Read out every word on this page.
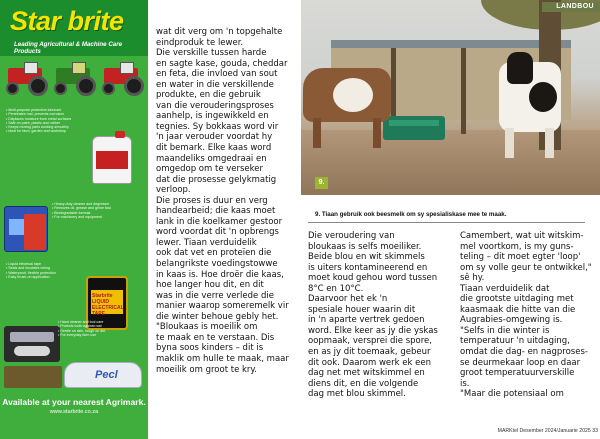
Star brite
Leading Agricultural & Machine Care Products
• Multi-purpose protective lubricant
• Penetrates rust, prevents corrosion
• Displaces moisture from metal surfaces
• Safe on paint, plastic and rubber
• Keeps moving parts working smoothly
• Ideal for farm, garden and workshop
• Heavy-duty cleaner and degreaser
• Removes oil, grease and grime fast
• Biodegradable formula
• For machinery and equipment
• Liquid electrical tape
• Seals and insulates wiring
• Waterproof, flexible protection
• Easy brush-on application
Starbrite LIQUID ELECTRICAL TAPE
• Hand cleaner and tool care
• Protects tools against rust
• Gentle on skin, tough on dirt
• For everyday farm use
Pecl
Available at your nearest Agrimark.
www.starbrite.co.za
wat dit verg om 'n topgehalte
eindproduk te lewer.
Die verskille tussen harde
en sagte kase, gouda, cheddar
en feta, die invloed van sout
en water in die verskillende
produkte, en die gebruik
van die verouderingsproses
aanhelp, is ingewikkeld en
tegnies. Sy bokkaas word vir
'n jaar verouder voordat hy
dit bemark. Elke kaas word
maandeliks omgedraai en
omgedop om te verseker
dat die prosesse gelykmatig
verloop.
Die proses is duur en verg
handearbeid; die kaas moet
lank in die koelkamer gestoor
word voordat dit 'n opbrengs
lewer. Tiaan verduidelik
ook dat vet en proteïen die
belangrikste voedingstowwe
in kaas is. Hoe droër die kaas,
hoe langer hou dit, en dit
was in die verre verlede die
manier waarop someremelk vir
die winter behoue gebly het.
"Bloukaas is moeilik om
te maak en te verstaan. Dis
byna soos kinders – dit is
maklik om hulle te maak, maar
moeilik om groot te kry.
LANDBOU
9.
9. Tiaan gebruik ook beesmelk om sy spesialiskase mee te maak.
Die veroudering van
bloukaas is selfs moeiliker.
Beide blou en wit skimmels
is uiters kontamineerend en
moet koud gehou word tussen
8°C en 10°C.
Daarvoor het ek 'n
spesiale houer waarin dit
in 'n aparte vertrek gedoen
word. Elke keer as jy die yskas
oopmaak, versprei die spore,
en as jy dit toemaak, gebeur
dit ook. Daarom werk ek een
dag net met witskimmel en
diens dit, en die volgende
dag met blou skimmel.
Camembert, wat uit witskim-
mel voortkom, is my guns-
teling – dit moet egter 'loop'
om sy volle geur te ontwikkel,"
sê hy.
Tiaan verduidelik dat
die grootste uitdaging met
kaasmaak die hitte van die
Augrabies-omgewing is.
"Selfs in die winter is
temperatuur 'n uitdaging,
omdat die dag- en nagproses-
se deurmekaar loop en daar
groot temperatuurverskille
is.
"Maar die potensiaal om
MARKtel Desember 2024/Januarie 2025 33
